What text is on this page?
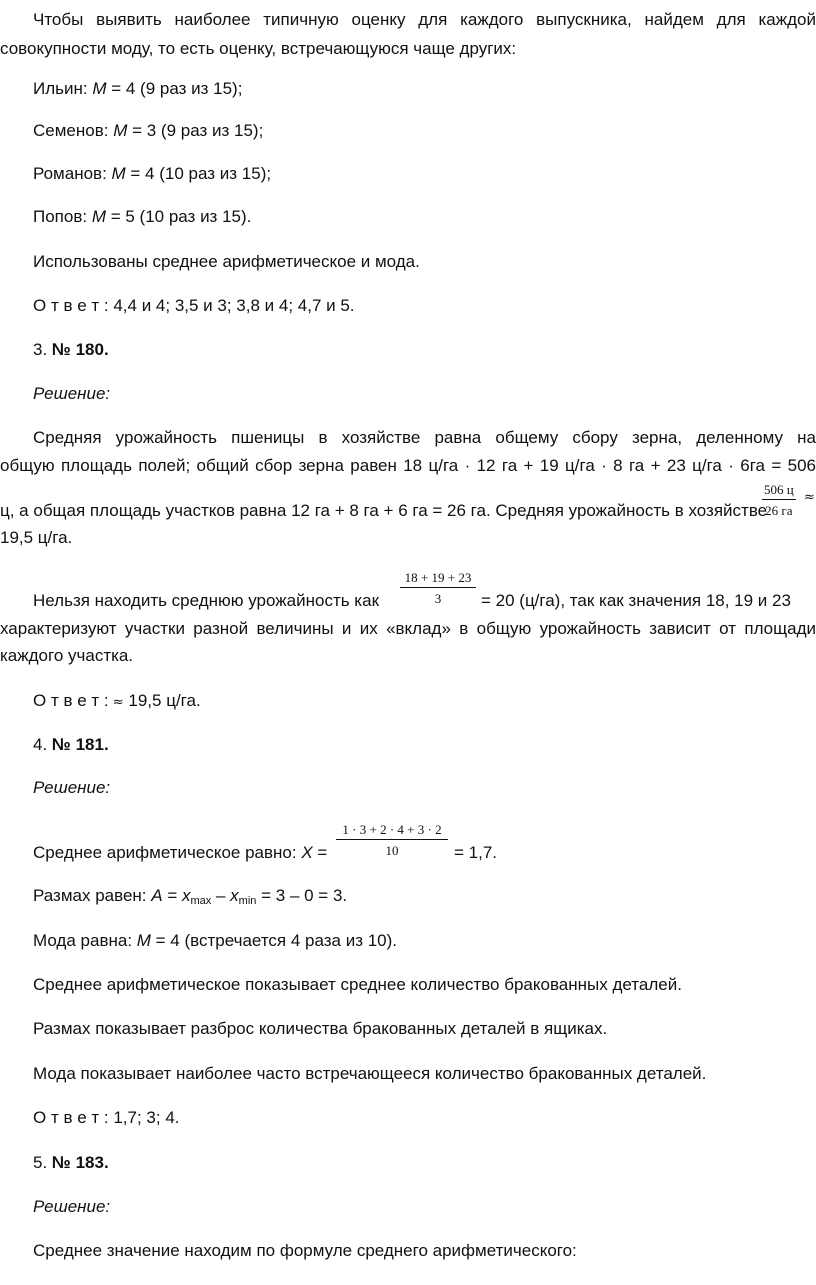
Чтобы выявить наиболее типичную оценку для каждого выпускника, найдем для каждой
совокупности моду, то есть оценку, встречающуюся чаще других:
Ильин: M = 4 (9 раз из 15);
Семенов: M = 3 (9 раз из 15);
Романов: M = 4 (10 раз из 15);
Попов: M = 5 (10 раз из 15).
Использованы среднее арифметическое и мода.
О т в е т : 4,4 и 4; 3,5 и 3; 3,8 и 4; 4,7 и 5.
3. № 180.
Решение:
Средняя урожайность пшеницы в хозяйстве равна общему сбору зерна, деленному на
общую площадь полей; общий сбор зерна равен 18 ц/га · 12 га + 19 ц/га · 8 га + 23 ц/га · 6га = 506
ц, а общая площадь участков равна 12 га + 8 га + 6 га = 26 га. Средняя урожайность в хозяйстве
506 ц
26 га
≈
19,5 ц/га.
Нельзя находить среднюю урожайность как $\frac{18 + 19 + 23}{3} = 20$ (ц/га), так как значения 18, 19 и 23
характеризуют участки разной величины и их «вклад» в общую урожайность зависит от площади
каждого участка.
О т в е т : ≈ 19,5 ц/га.
4. № 181.
Решение:
Среднее арифметическое равно: $X = \frac{1 \cdot 3 + 2 \cdot 4 + 3 \cdot 2}{10} = 1,7$.
Размах равен: $A = x_{max} - x_{min} = 3 - 0 = 3$.
Мода равна: M = 4 (встречается 4 раза из 10).
Среднее арифметическое показывает среднее количество бракованных деталей.
Размах показывает разброс количества бракованных деталей в ящиках.
Мода показывает наиболее часто встречающееся количество бракованных деталей.
О т в е т : 1,7; 3; 4.
5. № 183.
Решение:
Среднее значение находим по формуле среднего арифметического:
